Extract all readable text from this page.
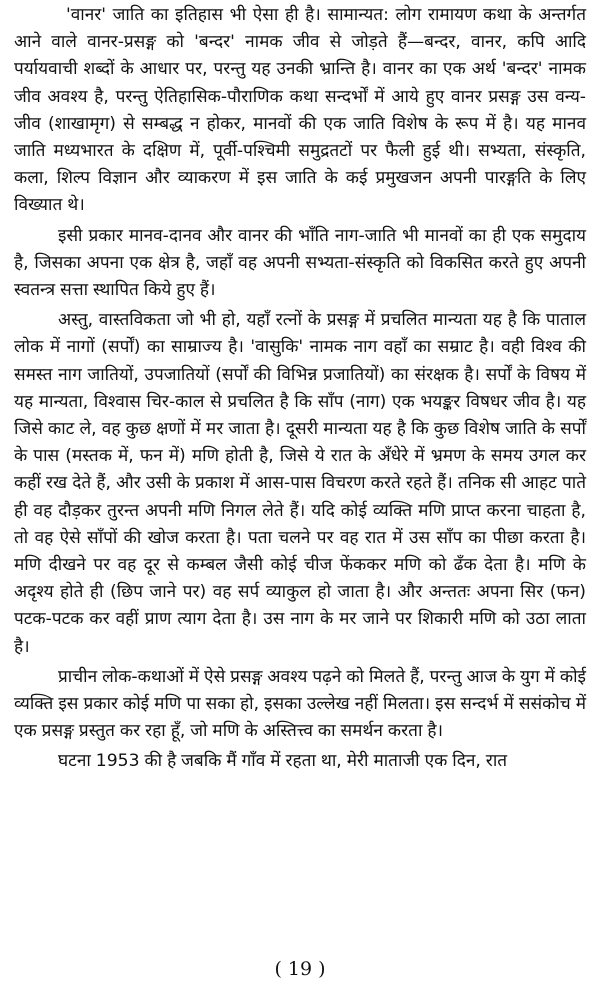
'वानर' जाति का इतिहास भी ऐसा ही है। सामान्यत: लोग रामायण कथा के अन्तर्गत आने वाले वानर-प्रसङ्ग को 'बन्दर' नामक जीव से जोड़ते हैं—बन्दर, वानर, कपि आदि पर्यायवाची शब्दों के आधार पर, परन्तु यह उनकी भ्रान्ति है। वानर का एक अर्थ 'बन्दर' नामक जीव अवश्य है, परन्तु ऐतिहासिक-पौराणिक कथा सन्दर्भों में आये हुए वानर प्रसङ्ग उस वन्य-जीव (शाखामृग) से सम्बद्ध न होकर, मानवों की एक जाति विशेष के रूप में है। यह मानव जाति मध्यभारत के दक्षिण में, पूर्वी-पश्चिमी समुद्रतटों पर फैली हुई थी। सभ्यता, संस्कृति, कला, शिल्प विज्ञान और व्याकरण में इस जाति के कई प्रमुखजन अपनी पारङ्गति के लिए विख्यात थे।

इसी प्रकार मानव-दानव और वानर की भाँति नाग-जाति भी मानवों का ही एक समुदाय है, जिसका अपना एक क्षेत्र है, जहाँ वह अपनी सभ्यता-संस्कृति को विकसित करते हुए अपनी स्वतन्त्र सत्ता स्थापित किये हुए हैं।

अस्तु, वास्तविकता जो भी हो, यहाँ रत्नों के प्रसङ्ग में प्रचलित मान्यता यह है कि पाताल लोक में नागों (सर्पों) का साम्राज्य है। 'वासुकि' नामक नाग वहाँ का सम्राट है। वही विश्व की समस्त नाग जातियों, उपजातियों (सर्पों की विभिन्न प्रजातियों) का संरक्षक है। सर्पों के विषय में यह मान्यता, विश्वास चिर-काल से प्रचलित है कि साँप (नाग) एक भयङ्कर विषधर जीव है। यह जिसे काट ले, वह कुछ क्षणों में मर जाता है। दूसरी मान्यता यह है कि कुछ विशेष जाति के सर्पों के पास (मस्तक में, फन में) मणि होती है, जिसे ये रात के अँधेरे में भ्रमण के समय उगल कर कहीं रख देते हैं, और उसी के प्रकाश में आस-पास विचरण करते रहते हैं। तनिक सी आहट पाते ही वह दौड़कर तुरन्त अपनी मणि निगल लेते हैं। यदि कोई व्यक्ति मणि प्राप्त करना चाहता है, तो वह ऐसे साँपों की खोज करता है। पता चलने पर वह रात में उस साँप का पीछा करता है। मणि दीखने पर वह दूर से कम्बल जैसी कोई चीज फेंककर मणि को ढँक देता है। मणि के अदृश्य होते ही (छिप जाने पर) वह सर्प व्याकुल हो जाता है। और अन्ततः अपना सिर (फन) पटक-पटक कर वहीं प्राण त्याग देता है। उस नाग के मर जाने पर शिकारी मणि को उठा लाता है।

प्राचीन लोक-कथाओं में ऐसे प्रसङ्ग अवश्य पढ़ने को मिलते हैं, परन्तु आज के युग में कोई व्यक्ति इस प्रकार कोई मणि पा सका हो, इसका उल्लेख नहीं मिलता। इस सन्दर्भ में ससंकोच में एक प्रसङ्ग प्रस्तुत कर रहा हूँ, जो मणि के अस्तित्त्व का समर्थन करता है।

घटना 1953 की है जबकि मैं गाँव में रहता था, मेरी माताजी एक दिन, रात

( 19 )
